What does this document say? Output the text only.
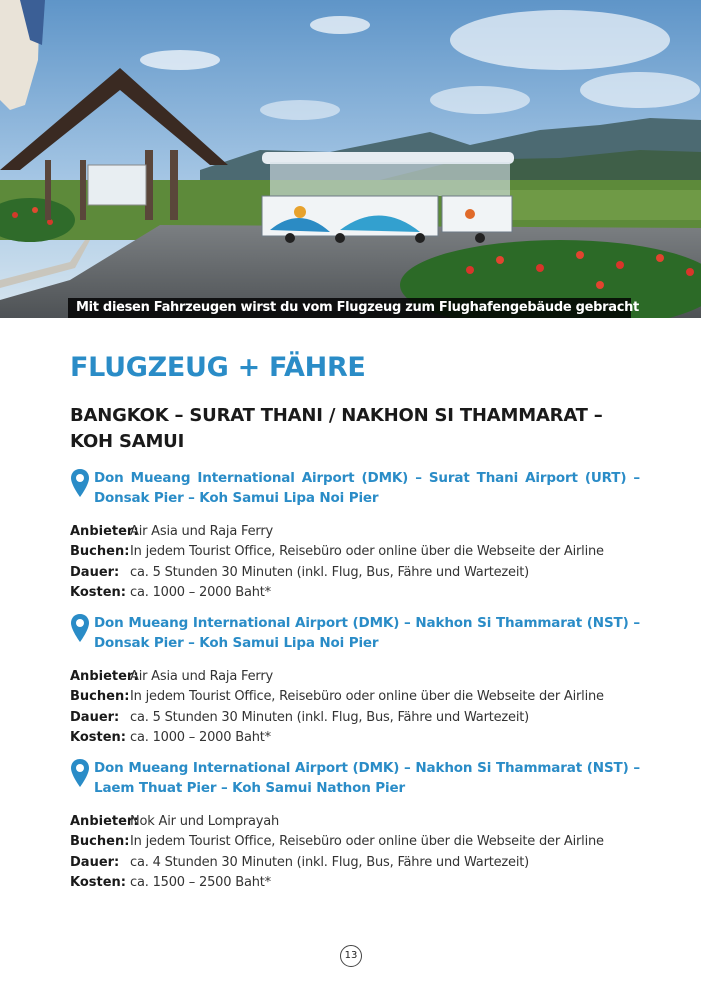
Mit diesen Fahrzeugen wirst du vom Flugzeug zum Flughafengebäude gebracht
FLUGZEUG + FÄHRE
BANGKOK – SURAT THANI / NAKHON SI THAMMARAT – KOH SAMUI

Don Mueang International Airport (DMK) – Surat Thani Airport (URT) – Donsak Pier – Koh Samui Lipa Noi Pier

Anbieter:
Air Asia und Raja Ferry
Buchen: In jedem Tourist Office, Reisebüro oder online über die Webseite der Airline
Dauer: ca. 5 Stunden 30 Minuten (inkl. Flug, Bus, Fähre und Wartezeit)
Kosten: ca. 1000 – 2000 Baht*

Don Mueang International Airport (DMK) – Nakhon Si Thammarat (NST) – Donsak Pier – Koh Samui Lipa Noi Pier

Anbieter:
Air Asia und Raja Ferry
Buchen: In jedem Tourist Office, Reisebüro oder online über die Webseite der Airline
Dauer: ca. 5 Stunden 30 Minuten (inkl. Flug, Bus, Fähre und Wartezeit)
Kosten: ca. 1000 – 2000 Baht*

Don Mueang International Airport (DMK) – Nakhon Si Thammarat (NST) – Laem Thuat Pier – Koh Samui Nathon Pier

Anbieter:
Nok Air und Lomprayah
Buchen: In jedem Tourist Office, Reisebüro oder online über die Webseite der Airline
Dauer: ca. 4 Stunden 30 Minuten (inkl. Flug, Bus, Fähre und Wartezeit)
Kosten: ca. 1500 – 2500 Baht*
13
